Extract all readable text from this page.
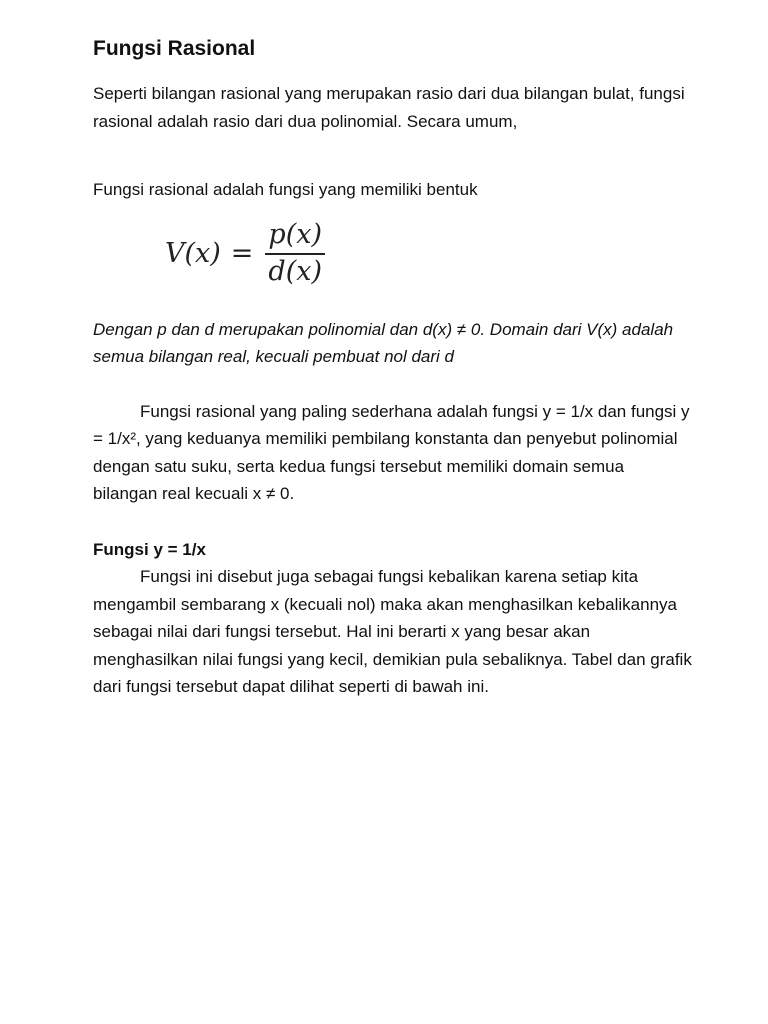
Fungsi Rasional

Seperti bilangan rasional yang merupakan rasio dari dua bilangan bulat, fungsi rasional adalah rasio dari dua polinomial. Secara umum,

Fungsi rasional adalah fungsi yang memiliki bentuk

$V(x) = \frac{p(x)}{d(x)}$

Dengan p dan d merupakan polinomial dan d(x) ≠ 0. Domain dari V(x) adalah semua bilangan real, kecuali pembuat nol dari d

Fungsi rasional yang paling sederhana adalah fungsi y = 1/x dan fungsi y = 1/x², yang keduanya memiliki pembilang konstanta dan penyebut polinomial dengan satu suku, serta kedua fungsi tersebut memiliki domain semua bilangan real kecuali x ≠ 0.

Fungsi y = 1/x

Fungsi ini disebut juga sebagai fungsi kebalikan karena setiap kita mengambil sembarang x (kecuali nol) maka akan menghasilkan kebalikannya sebagai nilai dari fungsi tersebut. Hal ini berarti x yang besar akan menghasilkan nilai fungsi yang kecil, demikian pula sebaliknya. Tabel dan grafik dari fungsi tersebut dapat dilihat seperti di bawah ini.
